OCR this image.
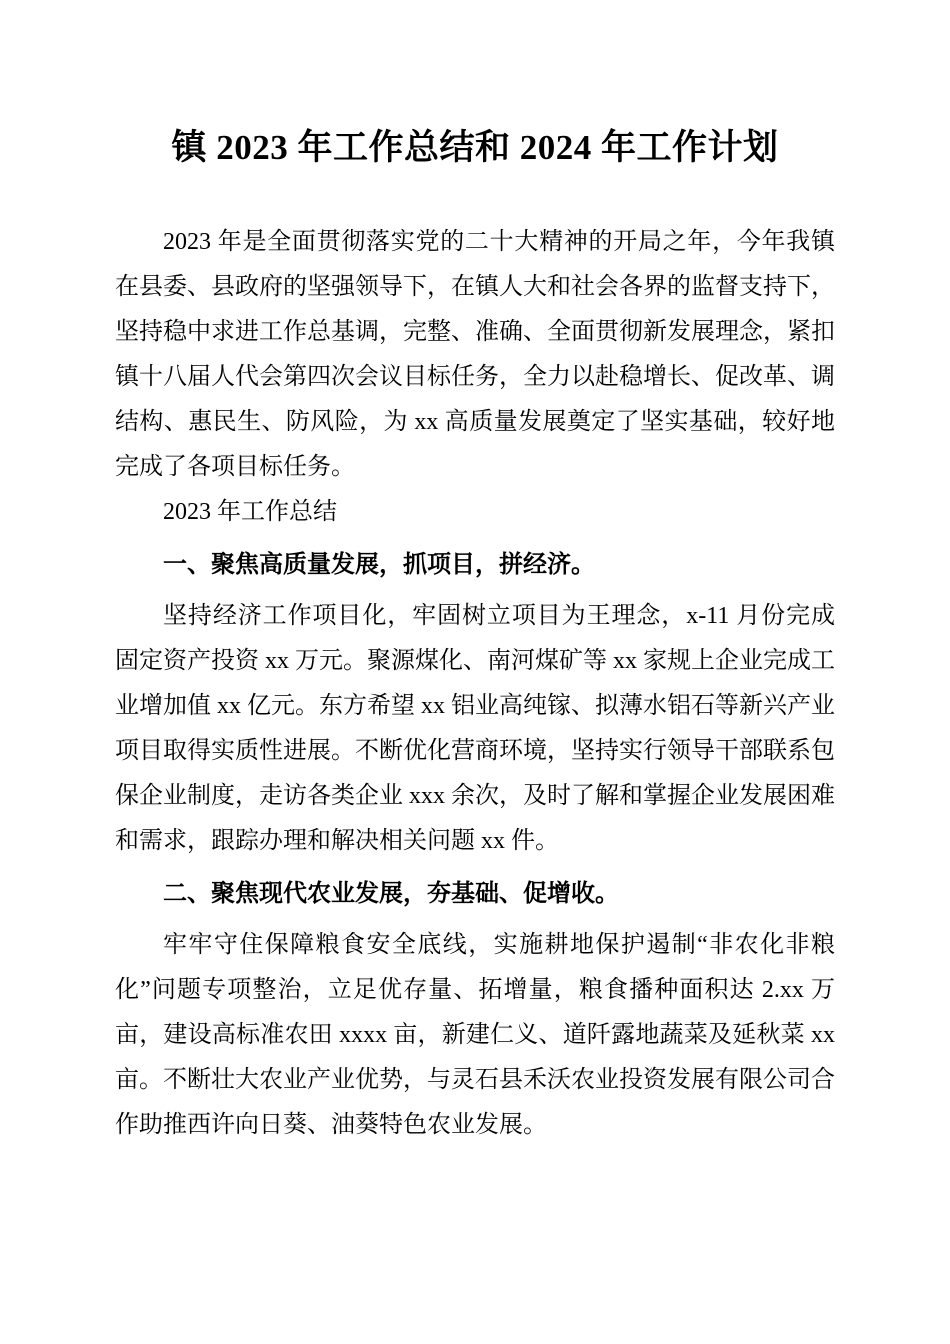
镇 2023 年工作总结和 2024 年工作计划

2023 年是全面贯彻落实党的二十大精神的开局之年，今年我镇在县委、县政府的坚强领导下，在镇人大和社会各界的监督支持下，坚持稳中求进工作总基调，完整、准确、全面贯彻新发展理念，紧扣镇十八届人代会第四次会议目标任务，全力以赴稳增长、促改革、调结构、惠民生、防风险，为 xx 高质量发展奠定了坚实基础，较好地完成了各项目标任务。

2023 年工作总结

一、聚焦高质量发展，抓项目，拼经济。

坚持经济工作项目化，牢固树立项目为王理念，x-11 月份完成固定资产投资 xx 万元。聚源煤化、南河煤矿等 xx 家规上企业完成工业增加值 xx 亿元。东方希望 xx 铝业高纯镓、拟薄水铝石等新兴产业项目取得实质性进展。不断优化营商环境，坚持实行领导干部联系包保企业制度，走访各类企业 xxx 余次，及时了解和掌握企业发展困难和需求，跟踪办理和解决相关问题 xx 件。

二、聚焦现代农业发展，夯基础、促增收。

牢牢守住保障粮食安全底线，实施耕地保护遏制“非农化非粮化”问题专项整治，立足优存量、拓增量，粮食播种面积达 2.xx 万亩，建设高标准农田 xxxx 亩，新建仁义、道阡露地蔬菜及延秋菜 xx 亩。不断壮大农业产业优势，与灵石县禾沃农业投资发展有限公司合作助推西许向日葵、油葵特色农业发展。
